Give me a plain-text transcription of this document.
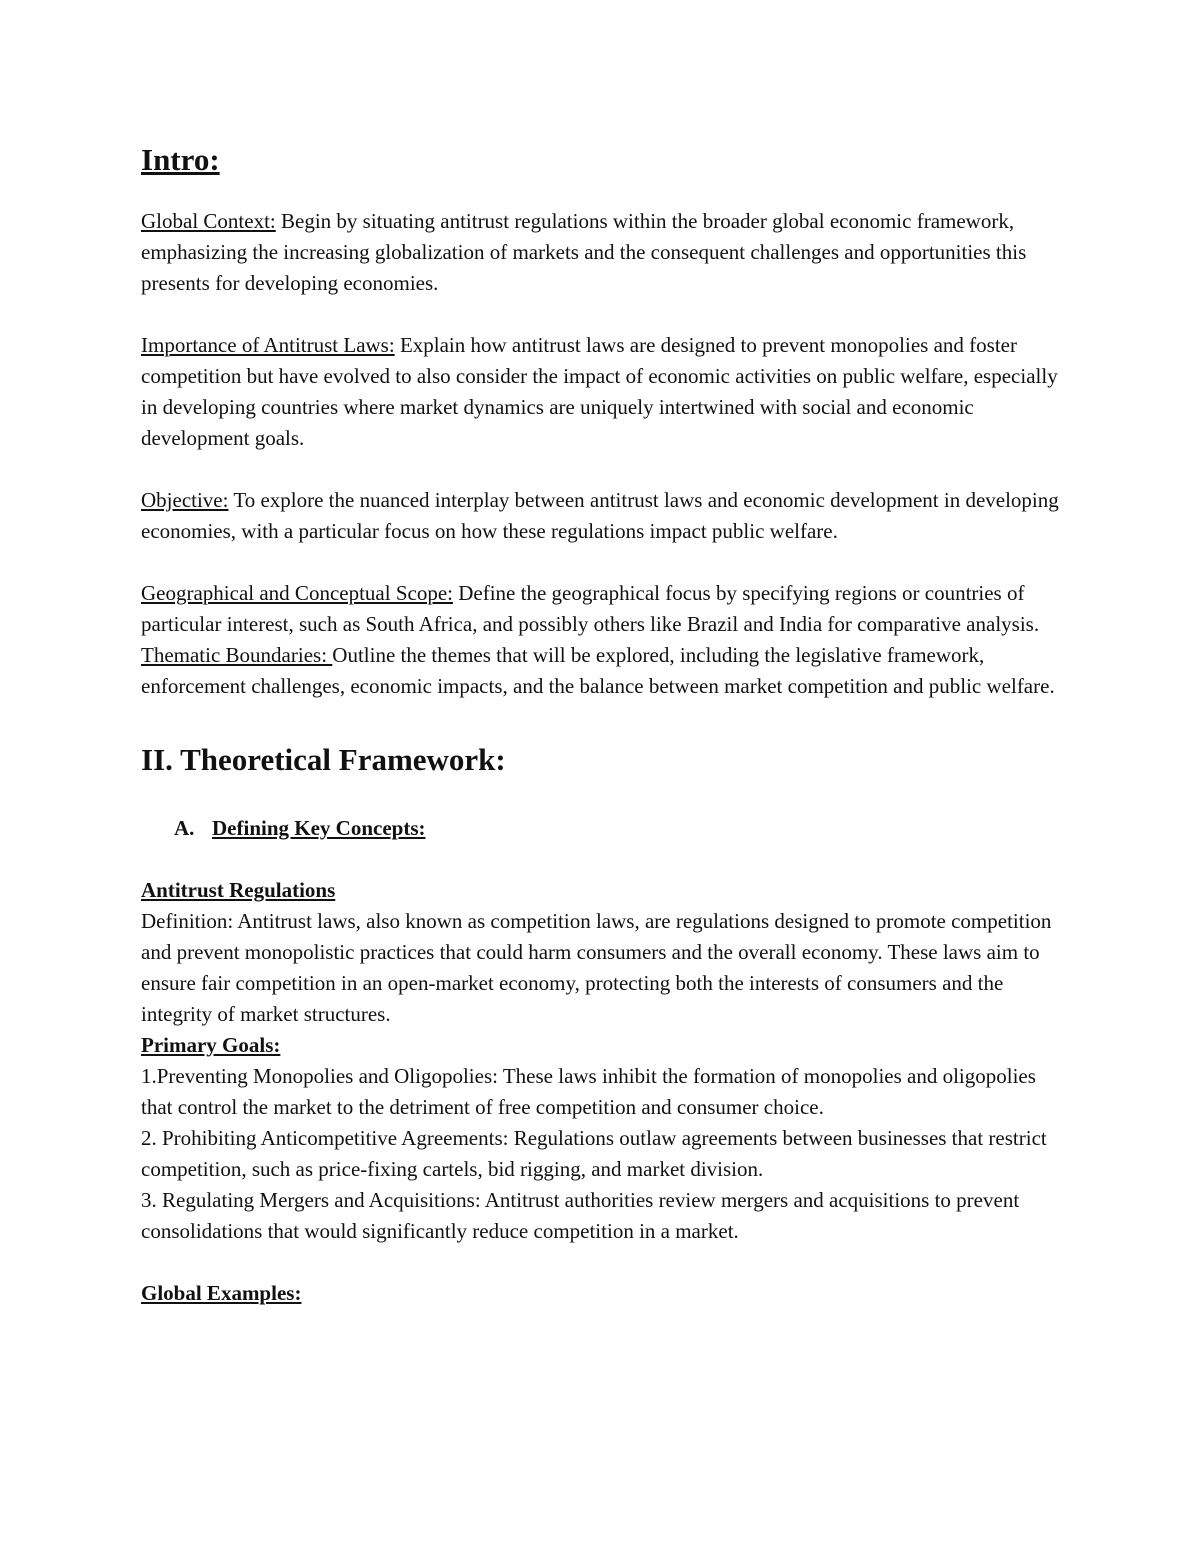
Intro:

Global Context: Begin by situating antitrust regulations within the broader global economic framework, emphasizing the increasing globalization of markets and the consequent challenges and opportunities this presents for developing economies.

Importance of Antitrust Laws: Explain how antitrust laws are designed to prevent monopolies and foster competition but have evolved to also consider the impact of economic activities on public welfare, especially in developing countries where market dynamics are uniquely intertwined with social and economic development goals.

Objective: To explore the nuanced interplay between antitrust laws and economic development in developing economies, with a particular focus on how these regulations impact public welfare.

Geographical and Conceptual Scope: Define the geographical focus by specifying regions or countries of particular interest, such as South Africa, and possibly others like Brazil and India for comparative analysis.

Thematic Boundaries: Outline the themes that will be explored, including the legislative framework, enforcement challenges, economic impacts, and the balance between market competition and public welfare.

II. Theoretical Framework:
A. Defining Key Concepts:

Antitrust Regulations

Definition: Antitrust laws, also known as competition laws, are regulations designed to promote competition and prevent monopolistic practices that could harm consumers and the overall economy. These laws aim to ensure fair competition in an open-market economy, protecting both the interests of consumers and the integrity of market structures.

Primary Goals:

1.Preventing Monopolies and Oligopolies: These laws inhibit the formation of monopolies and oligopolies that control the market to the detriment of free competition and consumer choice.

2. Prohibiting Anticompetitive Agreements: Regulations outlaw agreements between businesses that restrict competition, such as price-fixing cartels, bid rigging, and market division.

3. Regulating Mergers and Acquisitions: Antitrust authorities review mergers and acquisitions to prevent consolidations that would significantly reduce competition in a market.

Global Examples:
